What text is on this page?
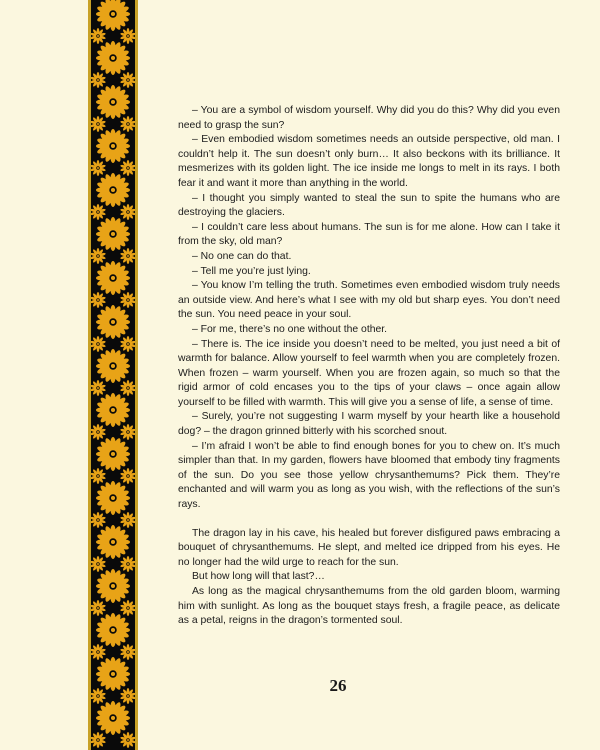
– You are a symbol of wisdom yourself. Why did you do this? Why did you even need to grasp the sun?

– Even embodied wisdom sometimes needs an outside perspective, old man. I couldn’t help it. The sun doesn’t only burn… It also beckons with its brilliance. It mesmerizes with its golden light. The ice inside me longs to melt in its rays. I both fear it and want it more than anything in the world.

– I thought you simply wanted to steal the sun to spite the humans who are destroying the glaciers.

– I couldn’t care less about humans. The sun is for me alone. How can I take it from the sky, old man?

– No one can do that.

– Tell me you’re just lying.

– You know I’m telling the truth. Sometimes even embodied wisdom truly needs an outside view. And here’s what I see with my old but sharp eyes. You don’t need the sun. You need peace in your soul.

– For me, there’s no one without the other.

– There is. The ice inside you doesn’t need to be melted, you just need a bit of warmth for balance. Allow yourself to feel warmth when you are completely frozen. When frozen – warm yourself. When you are frozen again, so much so that the rigid armor of cold encases you to the tips of your claws – once again allow yourself to be filled with warmth. This will give you a sense of life, a sense of time.

– Surely, you’re not suggesting I warm myself by your hearth like a household dog? – the dragon grinned bitterly with his scorched snout.

– I’m afraid I won’t be able to find enough bones for you to chew on. It’s much simpler than that. In my garden, flowers have bloomed that embody tiny fragments of the sun. Do you see those yellow chrysanthemums? Pick them. They’re enchanted and will warm you as long as you wish, with the reflections of the sun’s rays.

The dragon lay in his cave, his healed but forever disfigured paws embracing a bouquet of chrysanthemums. He slept, and melted ice dripped from his eyes. He no longer had the wild urge to reach for the sun.

But how long will that last?…

As long as the magical chrysanthemums from the old garden bloom, warming him with sunlight. As long as the bouquet stays fresh, a fragile peace, as delicate as a petal, reigns in the dragon’s tormented soul.

26
